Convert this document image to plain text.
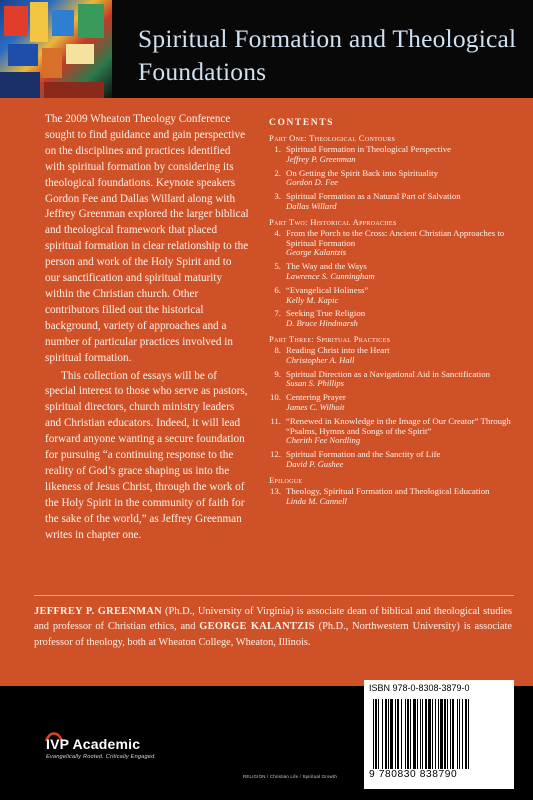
Spiritual Formation and Theological Foundations

The 2009 Wheaton Theology Conference sought to find guidance and gain perspective on the disciplines and practices identified with spiritual formation by considering its theological foundations. Keynote speakers Gordon Fee and Dallas Willard along with Jeffrey Greenman explored the larger biblical and theological framework that placed spiritual formation in clear relationship to the person and work of the Holy Spirit and to our sanctification and spiritual maturity within the Christian church. Other contributors filled out the historical background, variety of approaches and a number of particular practices involved in spiritual formation.

This collection of essays will be of special interest to those who serve as pastors, spiritual directors, church ministry leaders and Christian educators. Indeed, it will lead forward anyone wanting a secure foundation for pursuing “a continuing response to the reality of God’s grace shaping us into the likeness of Jesus Christ, through the work of the Holy Spirit in the community of faith for the sake of the world,” as Jeffrey Greenman writes in chapter one.

CONTENTS
Part One: Theological Contours
1. Spiritual Formation in Theological Perspective
Jeffrey P. Greenman
2. On Getting the Spirit Back into Spirituality
Gordon D. Fee
3. Spiritual Formation as a Natural Part of Salvation
Dallas Willard
Part Two: Historical Approaches
4. From the Porch to the Cross: Ancient Christian Approaches to Spiritual Formation
George Kalantzis
5. The Way and the Ways
Lawrence S. Cunningham
6. “Evangelical Holiness”
Kelly M. Kapic
7. Seeking True Religion
D. Bruce Hindmarsh
Part Three: Spiritual Practices
8. Reading Christ into the Heart
Christopher A. Hall
9. Spiritual Direction as a Navigational Aid in Sanctification
Susan S. Phillips
10. Centering Prayer
James C. Wilhoit
11. “Renewed in Knowledge in the Image of Our Creator” Through “Psalms, Hymns and Songs of the Spirit”
Cherith Fee Nordling
12. Spiritual Formation and the Sanctity of Life
David P. Gushee
Epilogue
13. Theology, Spiritual Formation and Theological Education
Linda M. Cannell
JEFFREY P. GREENMAN (Ph.D., University of Virginia) is associate dean of biblical and theological studies and professor of Christian ethics, and GEORGE KALANTZIS (Ph.D., Northwestern University) is associate professor of theology, both at Wheaton College, Wheaton, Illinois.
IVP Academic
Evangelically Rooted. Critically Engaged.
RELIGION / Christian Life / Spiritual Growth
ISBN 978-0-8308-3879-0
9 780830 838790
